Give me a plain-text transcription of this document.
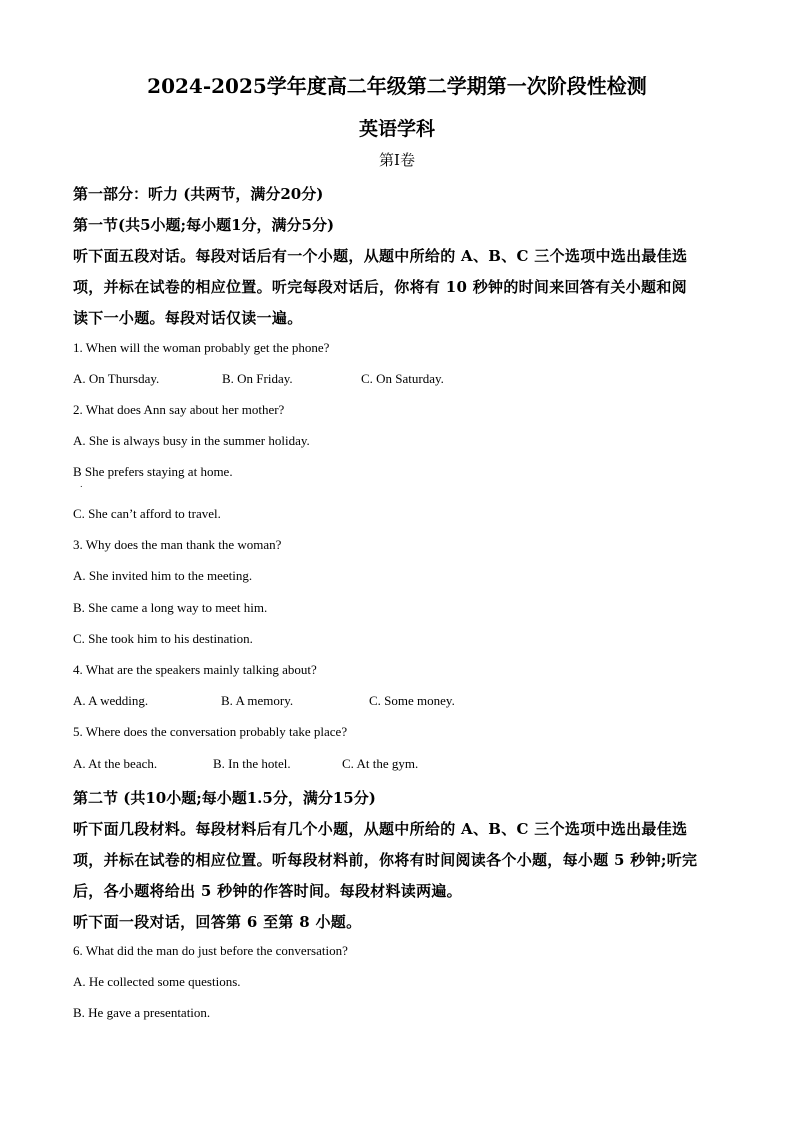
2024-2025学年度高二年级第二学期第一次阶段性检测
英语学科
第Ⅰ卷
第一部分：听力 (共两节，满分20分)
第一节(共5小题;每小题1分，满分5分)
听下面五段对话。每段对话后有一个小题，从题中所给的 A、B、C 三个选项中选出最佳选
项，并标在试卷的相应位置。听完每段对话后，你将有 10 秒钟的时间来回答有关小题和阅
读下一小题。每段对话仅读一遍。
1. When will the woman probably get the phone?
A. On Thursday.	B. On Friday.	C. On Saturday.
2. What does Ann say about her mother?
A. She is always busy in the summer holiday.
B She prefers staying at home.
.
C. She can’t afford to travel.
3. Why does the man thank the woman?
A. She invited him to the meeting.
B. She came a long way to meet him.
C. She took him to his destination.
4. What are the speakers mainly talking about?
A. A wedding.	B. A memory.	C. Some money.
5. Where does the conversation probably take place?
A. At the beach.	B. In the hotel.	C. At the gym.
第二节 (共10小题;每小题1.5分，满分15分)
听下面几段材料。每段材料后有几个小题，从题中所给的 A、B、C 三个选项中选出最佳选
项，并标在试卷的相应位置。听每段材料前，你将有时间阅读各个小题，每小题 5 秒钟;听完
后，各小题将给出 5 秒钟的作答时间。每段材料读两遍。
听下面一段对话，回答第 6 至第 8 小题。
6. What did the man do just before the conversation?
A. He collected some questions.
B. He gave a presentation.
